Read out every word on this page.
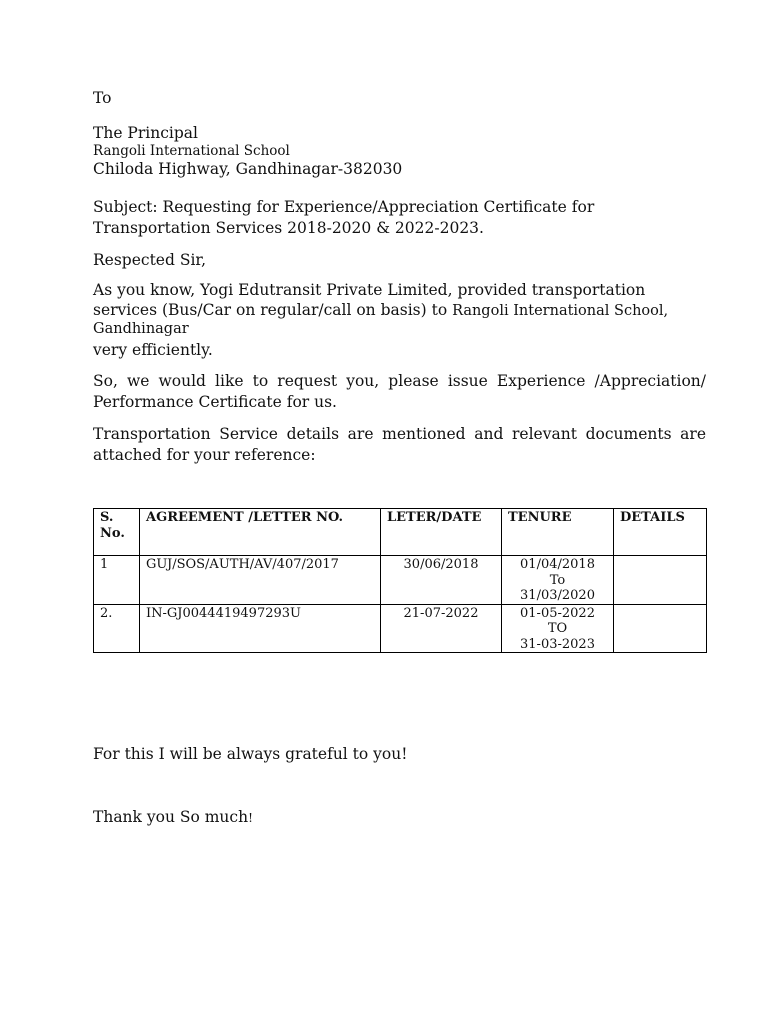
To
The Principal
Rangoli International School
Chiloda Highway, Gandhinagar-382030
Subject: Requesting for Experience/Appreciation Certificate for
Transportation Services 2018-2020 & 2022-2023.
Respected Sir,
As you know, Yogi Edutransit Private Limited, provided transportation
services (Bus/Car on regular/call on basis) to Rangoli International School,
Gandhinagar
very efficiently.
So, we would like to request you, please issue Experience /Appreciation/ Performance Certificate for us.
Transportation Service details are mentioned and relevant documents are attached for your reference:
S.
No.	AGREEMENT /LETTER NO.	LETER/DATE	TENURE	DETAILS
1	GUJ/SOS/AUTH/AV/407/2017	30/06/2018	01/04/2018
To
31/03/2020	

2.	IN-GJ0044419497293U	21-07-2022	01-05-2022
TO
31-03-2023	

For this I will be always grateful to you!
Thank you So much!
